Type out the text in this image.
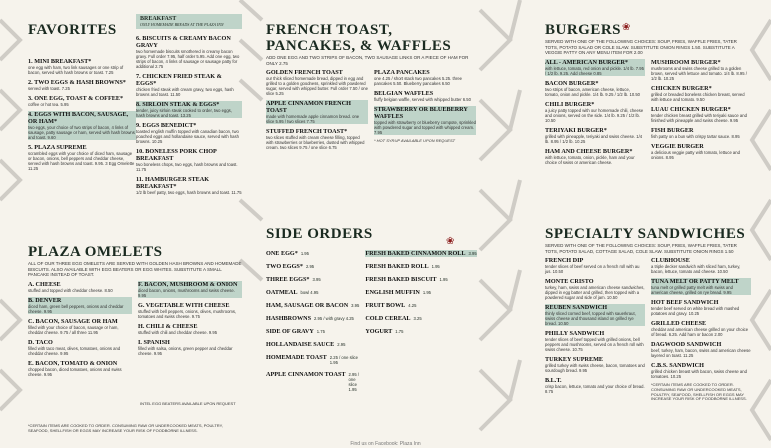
FAVORITES
1. MINI BREAKFAST*
one egg with ham, two link sausages or one strip of bacon, served with hash browns or toast. 7.25
2. TWO EGGS & HASH BROWNS*
served with toast. 7.25
3. ONE EGG, TOAST & COFFEE*
coffee or hot tea. 5.95
4. EGGS WITH BACON, SAUSAGE, OR HAM*
two eggs, your choice of two strips of bacon, 4 links of sausage, patty sausage or ham, served with hash browns and toast. 9.60
5. PLAZA SUPREME
scrambled eggs with your choice of diced ham, sausage or bacon, onions, bell peppers and cheddar cheese, served with hash browns and toast. 9.95. 3 Egg Omelette 11.25
BREAKFAST
ONLY HOMEMADE BREADS AT THE PLAZA INN
6. BISCUITS & CREAMY BACON GRAVY
two homemade biscuits smothered in creamy bacon gravy. Full order 7.95, half order 5.95. Add one egg, two strips of bacon, 4 links of sausage or sausage patty for additional 2.75
7. CHICKEN FRIED STEAK & EGGS*
chicken fried steak with cream gravy, two eggs, hash browns and toast. 11.50
8. SIRLOIN STEAK & EGGS*
tender, juicy sirloin steak cooked to order, two eggs, hash browns and toast. 13.25
9. EGGS BENEDICT*
toasted english muffin topped with canadian bacon, two poached eggs and hollandaise sauce, served with hash browns. 10.25
10. BONELESS PORK CHOP BREAKFAST
two boneless chops, two eggs, hash browns and toast. 11.75
11. HAMBURGER STEAK BREAKFAST*
1/2 lb beef patty, two eggs, hash browns and toast. 11.75
PLAZA OMELETS
ALL OF OUR THREE EGG OMELETS ARE SERVED WITH GOLDEN HASH BROWNS AND HOMEMADE BISCUITS. ALSO AVAILABLE WITH EGG BEATERS OR EGG WHITES. SUBSTITUTE A SMALL PANCAKE INSTEAD OF TOAST.
A. CHEESE
stuffed and topped with cheddar cheese. 8.50
B. DENVER
diced ham, green bell peppers, onions and cheddar cheese. 9.95
C. BACON, SAUSAGE OR HAM
filled with your choice of bacon, sausage or ham, cheddar cheese. 9.75 / all three 11.95
D. TACO
filled with taco meat, olives, tomatoes, onions and cheddar cheese. 9.95
E. BACON, TOMATO & ONION
chopped bacon, diced tomatoes, onions and swiss cheese. 9.95
F. BACON, MUSHROOM & ONION
diced bacon, onions, mushrooms and swiss cheese. 9.95
G. VEGETABLE WITH CHEESE
stuffed with bell peppers, onions, olives, mushrooms, tomatoes and swiss cheese. 9.75
H. CHILI & CHEESE
stuffed with chili and cheddar cheese. 9.95
I. SPANISH
filled with salsa, onions, green pepper and cheddar cheese. 9.95
INTEL EGG BEATERS AVAILABLE UPON REQUEST
*CERTAIN ITEMS ARE COOKED TO ORDER. CONSUMING RAW OR UNDERCOOKED MEATS, POULTRY, SEAFOOD, SHELLFISH OR EGGS MAY INCREASE YOUR RISK OF FOODBORNE ILLNESS.
FRENCH TOAST,
PANCAKES, & WAFFLES
ADD ONE EGG AND TWO STRIPS OF BACON, TWO SAUSAGE LINKS OR A PIECE OF HAM FOR ONLY 2.75
GOLDEN FRENCH TOAST
our thick sliced homemade bread, dipped in egg and grilled to a golden goodness, sprinkled with powdered sugar, served with whipped butter. Full order 7.50 / one slice 5.25
APPLE CINNAMON FRENCH TOAST
made with homemade apple cinnamon bread. one slice 5.95 / two slices 7.75
STUFFED FRENCH TOAST*
two slices stuffed with cream cheese filling, topped with strawberries or blueberries, dusted with whipped cream. two slices 9.75 / one slice 6.75
PLAZA PANCAKES
one 4.25 / short stack two pancakes 5.25. three pancakes 5.50. Blueberry pancakes 6.50
BELGIAN WAFFLES
fluffy belgian waffle, served with whipped butter 6.50
STRAWBERRY OR BLUEBERRY WAFFLES
topped with strawberry or blueberry compote, sprinkled with powdered sugar and topped with whipped cream. 7.95
* HOT SYRUP AVAILABLE UPON REQUEST
SIDE ORDERS
ONE EGG* 1.95
TWO EGGS* 2.95
THREE EGGS* 3.95
OATMEAL bowl 4.95
HAM, SAUSAGE OR BACON 3.95
HASHBROWNS 2.95 / with gravy 4.25
SIDE OF GRAVY 1.75
HOLLANDAISE SAUCE 2.95
HOMEMADE TOAST 2.25 / one slice 1.95
APPLE CINNAMON TOAST 2.95 / one slice 1.95
FRESH BAKED CINNAMON ROLL 3.95
FRESH BAKED ROLL 1.95
FRESH BAKED BISCUIT 1.95
ENGLISH MUFFIN 1.95
FRUIT BOWL 4.25
COLD CEREAL 3.25
YOGURT 1.75
❀
BURGERS
SERVED WITH ONE OF THE FOLLOWING CHOICES: SOUP, FRIES, WAFFLE FRIES, TATER TOTS, POTATO SALAD OR COLE SLAW. SUBSTITUTE ONION RINGS 1.50. SUBSTITUTE A VEGGIE PATTY ON ANY MENU ITEM FOR 2.00
ALL - AMERICAN BURGER*
with lettuce, tomato, red onion and pickle. 1/4 lb. 7.95 / 1/2 lb. 9.25. Add cheese 0.85
BACON BURGER*
two strips of bacon, american cheese, lettuce, tomato, onion and pickle. 1/4 lb. 9.25 / 1/2 lb. 10.50
CHILI BURGER*
a juicy patty topped with our homemade chili, cheese and onions, served on the side. 1/4 lb. 9.25 / 1/2 lb. 10.50
TERIYAKI BURGER*
grilled with pineapple, teriyaki and swiss cheese. 1/4 lb. 8.95 / 1/2 lb. 10.25
HAM AND CHEESE BURGER*
with lettuce, tomato, onion, pickle, ham and your choice of swiss or american cheese.
MUSHROOM BURGER*
mushrooms and swiss cheese grilled to a golden brown, served with lettuce and tomato. 1/4 lb. 8.95 / 1/2 lb. 10.25
CHICKEN BURGER*
grilled or breaded boneless chicken breast, served with lettuce and tomato. 9.50
LUAU CHICKEN BURGER*
tender chicken breast grilled with teriyaki sauce and finished with pineapple and swiss cheese. 9.95
FISH BURGER
fish patty on a bun with crispy tartar sauce. 8.95
VEGGIE BURGER
a delicious veggie patty with tomato, lettuce and onions. 8.95
❀
SPECIALTY SANDWICHES
SERVED WITH ONE OF THE FOLLOWING CHOICES: SOUP, FRIES, WAFFLE FRIES, TATER TOTS, POTATO SALAD, COTTAGE SALAD, COLE SLAW. SUBSTITUTE ONION RINGS 1.50
FRENCH DIP
tender slices of beef served on a french roll with au jus. 10.50
MONTE CRISTO
turkey, ham, swiss and american cheese sandwiches, dipped in egg batter and grilled, then topped with a powdered sugar and side of jam. 10.50
REUBEN SANDWICH
thinly sliced corned beef, topped with sauerkraut, swiss cheese and thousand island on grilled rye bread. 10.50
PHILLY SANDWICH
tender slices of beef topped with grilled onions, bell peppers and mushrooms, served on a french roll with swiss cheese. 10.75
TURKEY SUPREME
grilled turkey with swiss cheese, bacon, tomatoes and sourdough bread. 9.95
B.L.T.
crisp bacon, lettuce, tomato and your choice of bread. 8.75
CLUBHOUSE
a triple decker sandwich with sliced ham, turkey, bacon, lettuce, tomato and cheese. 10.50
TUNA MELT OR PATTY MELT
tuna melt or grilled patty melt with swiss and american cheese, grilled on rye bread. 9.95
HOT BEEF SANDWICH
tender beef served on white bread with mashed potatoes and gravy. 10.25
GRILLED CHEESE
cheddar and american cheese grilled on your choice of bread. 6.25. Add ham or bacon 2.00
DAGWOOD SANDWICH
beef, turkey, ham, bacon, swiss and american cheese layered on toast. 11.25
C.B.S. SANDWICH
grilled chicken breast with bacon, swiss cheese and tomatoes. 10.25
*CERTAIN ITEMS ARE COOKED TO ORDER. CONSUMING RAW OR UNDERCOOKED MEATS, POULTRY, SEAFOOD, SHELLFISH OR EGGS MAY INCREASE YOUR RISK OF FOODBORNE ILLNESS.
Find us on Facebook: Plaza Inn
